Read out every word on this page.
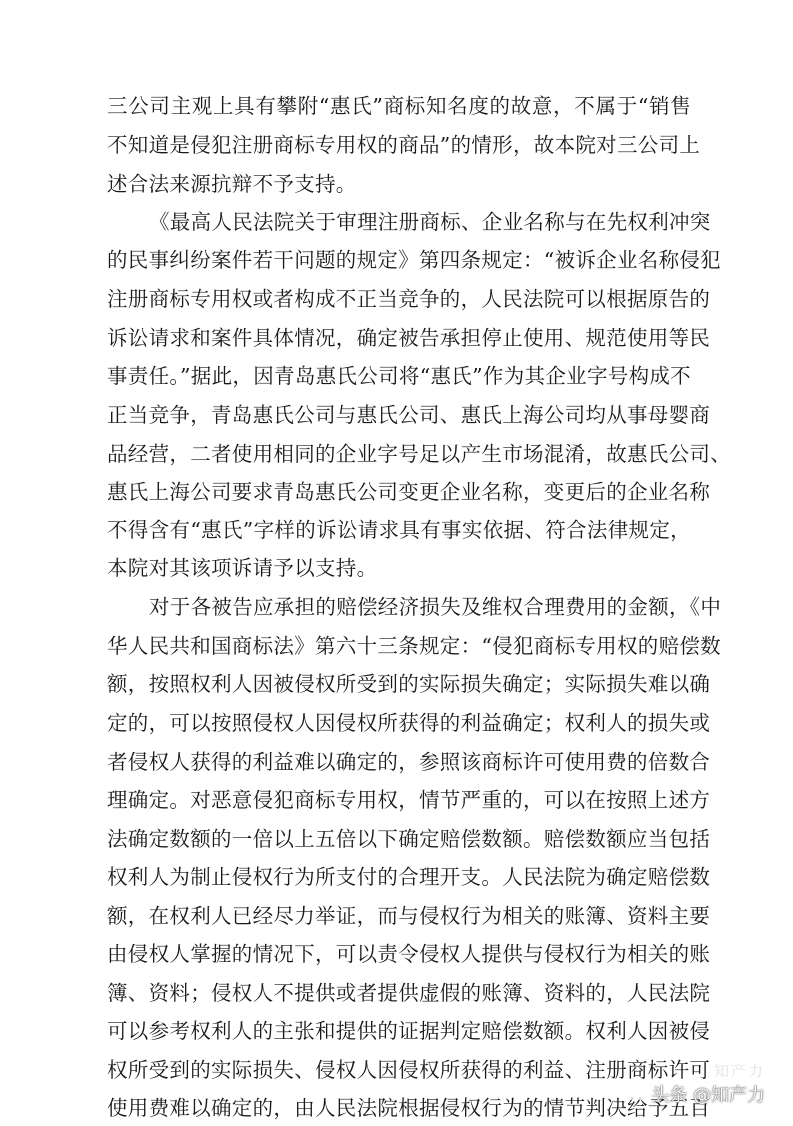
三公司主观上具有攀附“惠氏”商标知名度的故意，不属于“销售
不知道是侵犯注册商标专用权的商品”的情形，故本院对三公司上
述合法来源抗辩不予支持。
《最高人民法院关于审理注册商标、企业名称与在先权利冲突
的民事纠纷案件若干问题的规定》第四条规定：“被诉企业名称侵犯
注册商标专用权或者构成不正当竞争的，人民法院可以根据原告的
诉讼请求和案件具体情况，确定被告承担停止使用、规范使用等民
事责任。”据此，因青岛惠氏公司将“惠氏”作为其企业字号构成不
正当竞争，青岛惠氏公司与惠氏公司、惠氏上海公司均从事母婴商
品经营，二者使用相同的企业字号足以产生市场混淆，故惠氏公司、
惠氏上海公司要求青岛惠氏公司变更企业名称，变更后的企业名称
不得含有“惠氏”字样的诉讼请求具有事实依据、符合法律规定，
本院对其该项诉请予以支持。
对于各被告应承担的赔偿经济损失及维权合理费用的金额，《中
华人民共和国商标法》第六十三条规定：“侵犯商标专用权的赔偿数
额，按照权利人因被侵权所受到的实际损失确定；实际损失难以确
定的，可以按照侵权人因侵权所获得的利益确定；权利人的损失或
者侵权人获得的利益难以确定的，参照该商标许可使用费的倍数合
理确定。对恶意侵犯商标专用权，情节严重的，可以在按照上述方
法确定数额的一倍以上五倍以下确定赔偿数额。赔偿数额应当包括
权利人为制止侵权行为所支付的合理开支。人民法院为确定赔偿数
额，在权利人已经尽力举证，而与侵权行为相关的账簿、资料主要
由侵权人掌握的情况下，可以责令侵权人提供与侵权行为相关的账
簿、资料；侵权人不提供或者提供虚假的账簿、资料的，人民法院
可以参考权利人的主张和提供的证据判定赔偿数额。权利人因被侵
权所受到的实际损失、侵权人因侵权所获得的利益、注册商标许可
使用费难以确定的，由人民法院根据侵权行为的情节判决给予五百
知产力
头条 @知产力
